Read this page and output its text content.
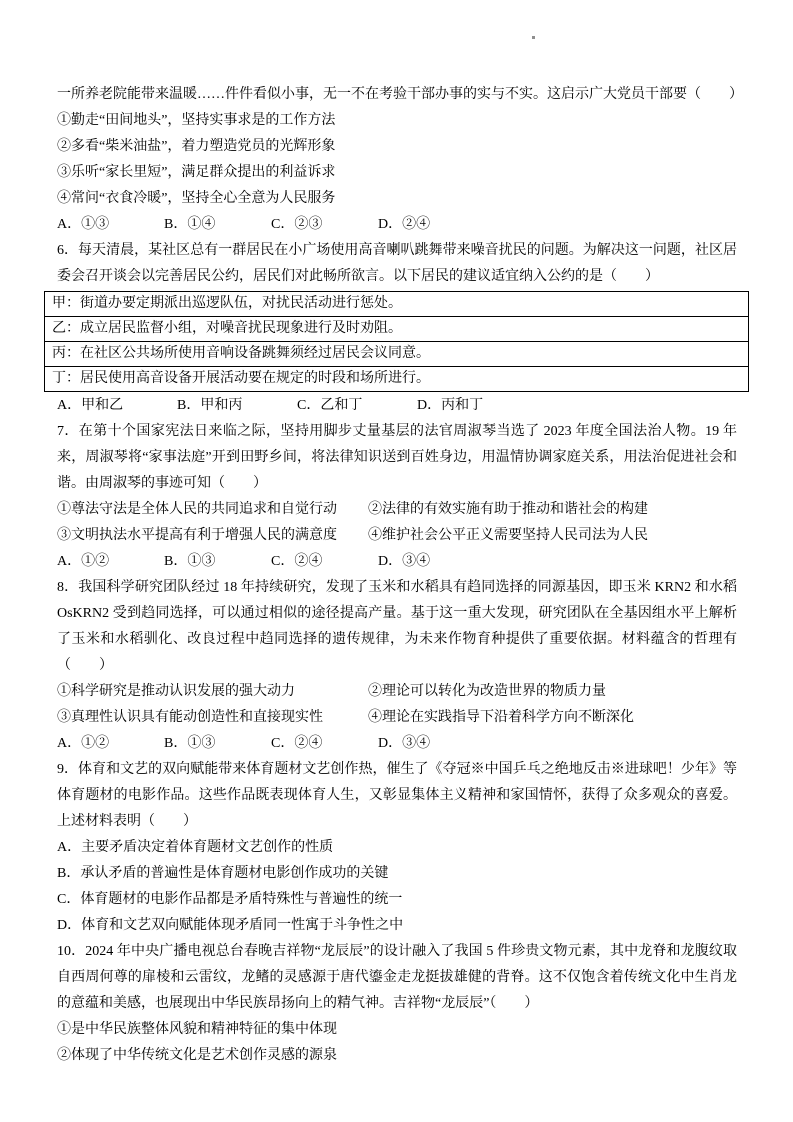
一所养老院能带来温暖……件件看似小事，无一不在考验干部办事的实与不实。这启示广大党员干部要（　　）

①勤走“田间地头”，坚持实事求是的工作方法
②多看“柴米油盐”，着力塑造党员的光辉形象
③乐听“家长里短”，满足群众提出的利益诉求
④常问“衣食冷暖”，坚持全心全意为人民服务
A．①③	B．①④	C．②③	D．②④

6．每天清晨，某社区总有一群居民在小广场使用高音喇叭跳舞带来噪音扰民的问题。为解决这一问题，社区居委会召开谈会以完善居民公约，居民们对此畅所欲言。以下居民的建议适宜纳入公约的是（　　）

甲：街道办要定期派出巡逻队伍，对扰民活动进行惩处。
乙：成立居民监督小组，对噪音扰民现象进行及时劝阻。
丙：在社区公共场所使用音响设备跳舞须经过居民会议同意。
丁：居民使用高音设备开展活动要在规定的时段和场所进行。
A．甲和乙	B．甲和丙	C．乙和丁	D．丙和丁

7．在第十个国家宪法日来临之际，坚持用脚步丈量基层的法官周淑琴当选了 2023 年度全国法治人物。19 年来，周淑琴将“家事法庭”开到田野乡间，将法律知识送到百姓身边，用温情协调家庭关系，用法治促进社会和谐。由周淑琴的事迹可知（　　）

①尊法守法是全体人民的共同追求和自觉行动	②法律的有效实施有助于推动和谐社会的构建
③文明执法水平提高有利于增强人民的满意度	④维护社会公平正义需要坚持人民司法为人民
A．①②	B．①③	C．②④	D．③④

8．我国科学研究团队经过 18 年持续研究，发现了玉米和水稻具有趋同选择的同源基因，即玉米 KRN2 和水稻 OsKRN2 受到趋同选择，可以通过相似的途径提高产量。基于这一重大发现，研究团队在全基因组水平上解析了玉米和水稻驯化、改良过程中趋同选择的遗传规律，为未来作物育种提供了重要依据。材料蕴含的哲理有（　　）

①科学研究是推动认识发展的强大动力	②理论可以转化为改造世界的物质力量
③真理性认识具有能动创造性和直接现实性	④理论在实践指导下沿着科学方向不断深化
A．①②	B．①③	C．②④	D．③④

9．体育和文艺的双向赋能带来体育题材文艺创作热，催生了《夺冠※中国乒乓之绝地反击※进球吧！少年》等体育题材的电影作品。这些作品既表现体育人生，又彰显集体主义精神和家国情怀，获得了众多观众的喜爱。上述材料表明（　　）

A．主要矛盾决定着体育题材文艺创作的性质
B．承认矛盾的普遍性是体育题材电影创作成功的关键
C．体育题材的电影作品都是矛盾特殊性与普遍性的统一
D．体育和文艺双向赋能体现矛盾同一性寓于斗争性之中

10．2024 年中央广播电视总台春晚吉祥物“龙辰辰”的设计融入了我国 5 件珍贵文物元素，其中龙脊和龙腹纹取自西周何尊的扉棱和云雷纹，龙鳍的灵感源于唐代鎏金走龙挺拔雄健的背脊。这不仅饱含着传统文化中生肖龙的意蕴和美感，也展现出中华民族昂扬向上的精气神。吉祥物“龙辰辰”（　　）

①是中华民族整体风貌和精神特征的集中体现
②体现了中华传统文化是艺术创作灵感的源泉
